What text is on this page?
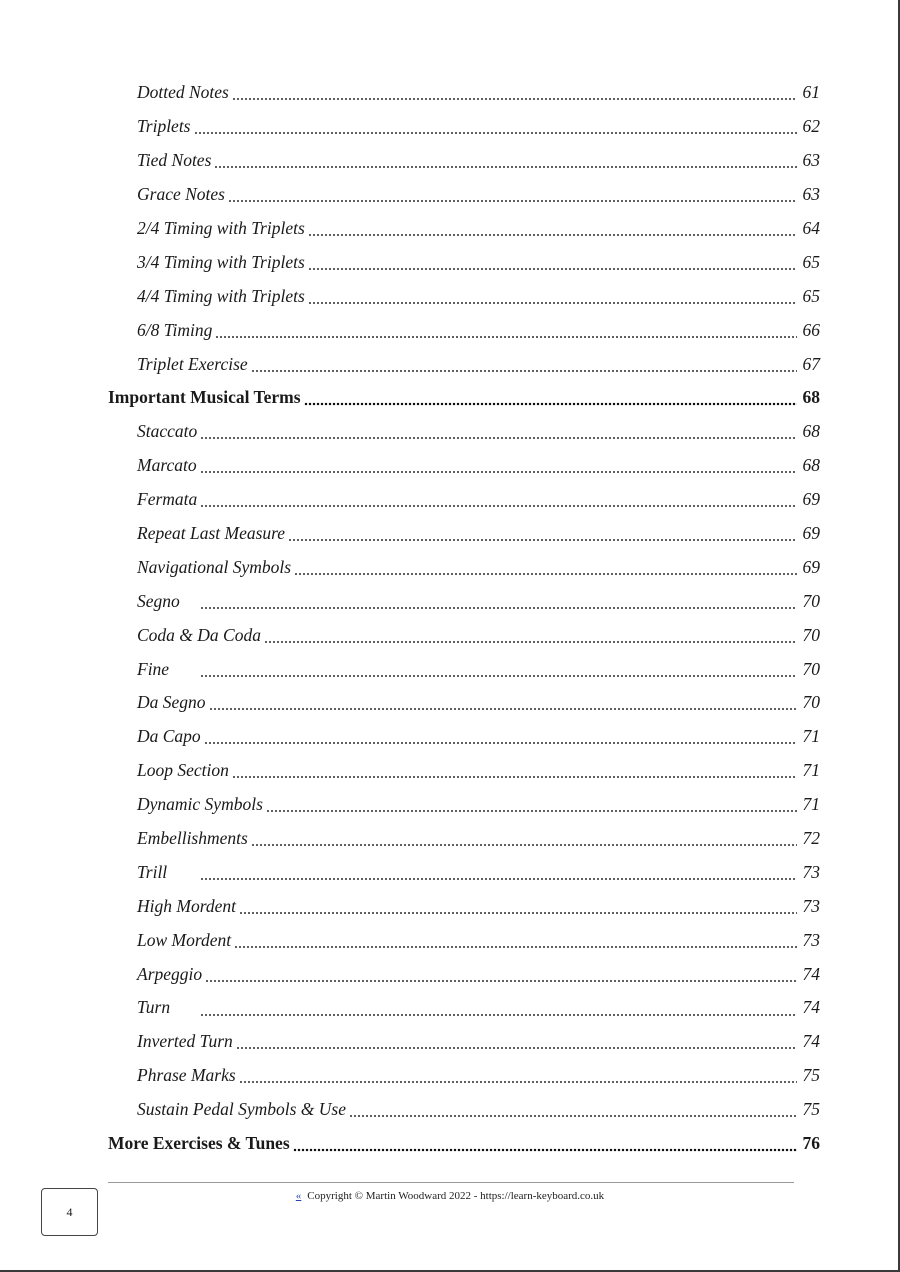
Dotted Notes	61
Triplets	62
Tied Notes	63
Grace Notes	63
2/4 Timing with Triplets	64
3/4 Timing with Triplets	65
4/4 Timing with Triplets	65
6/8 Timing	66
Triplet Exercise	67
Important Musical Terms	68
Staccato	68
Marcato	68
Fermata	69
Repeat Last Measure	69
Navigational Symbols	69
Segno	70
Coda & Da Coda	70
Fine	70
Da Segno	70
Da Capo	71
Loop Section	71
Dynamic Symbols	71
Embellishments	72
Trill	73
High Mordent	73
Low Mordent	73
Arpeggio	74
Turn	74
Inverted Turn	74
Phrase Marks	75
Sustain Pedal Symbols & Use	75
More Exercises & Tunes	76
« Copyright © Martin Woodward 2022 - https://learn-keyboard.co.uk
4
